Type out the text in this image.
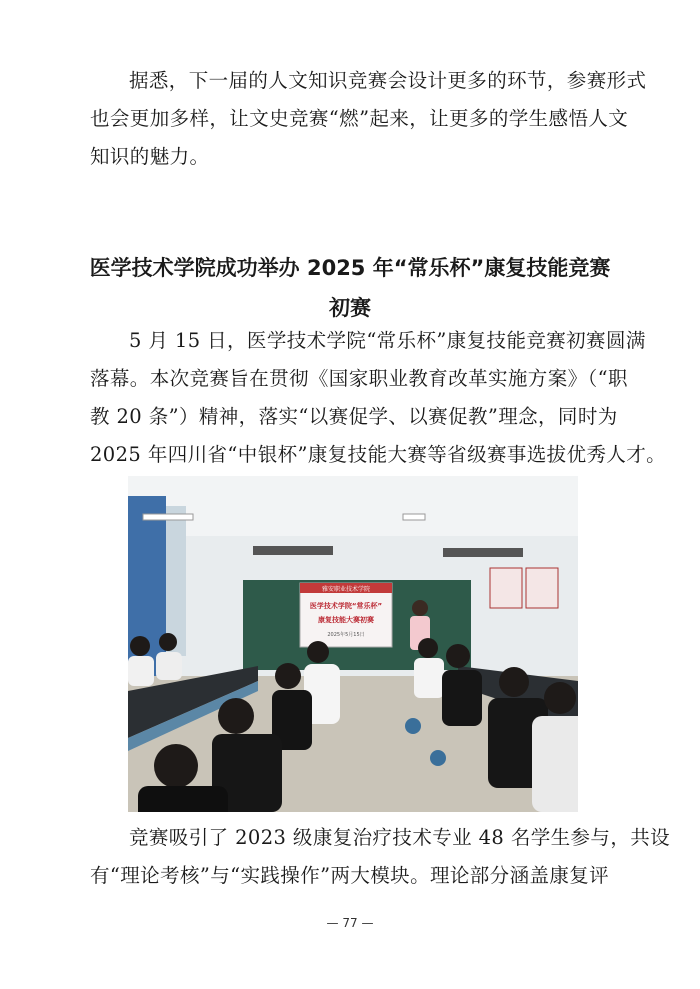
据悉，下一届的人文知识竞赛会设计更多的环节，参赛形式
也会更加多样，让文史竞赛“燃”起来，让更多的学生感悟人文
知识的魅力。
医学技术学院成功举办 2025 年“常乐杯”康复技能竞赛
初赛
5 月 15 日，医学技术学院“常乐杯”康复技能竞赛初赛圆满
落幕。本次竞赛旨在贯彻《国家职业教育改革实施方案》（“职
教 20 条”）精神，落实“以赛促学、以赛促教”理念，同时为
2025 年四川省“中银杯”康复技能大赛等省级赛事选拔优秀人才。
雅安职业技术学院
医学技术学院“常乐杯”
康复技能大赛初赛
2025年5月15日
竞赛吸引了 2023 级康复治疗技术专业 48 名学生参与，共设
有“理论考核”与“实践操作”两大模块。理论部分涵盖康复评
— 77 —
